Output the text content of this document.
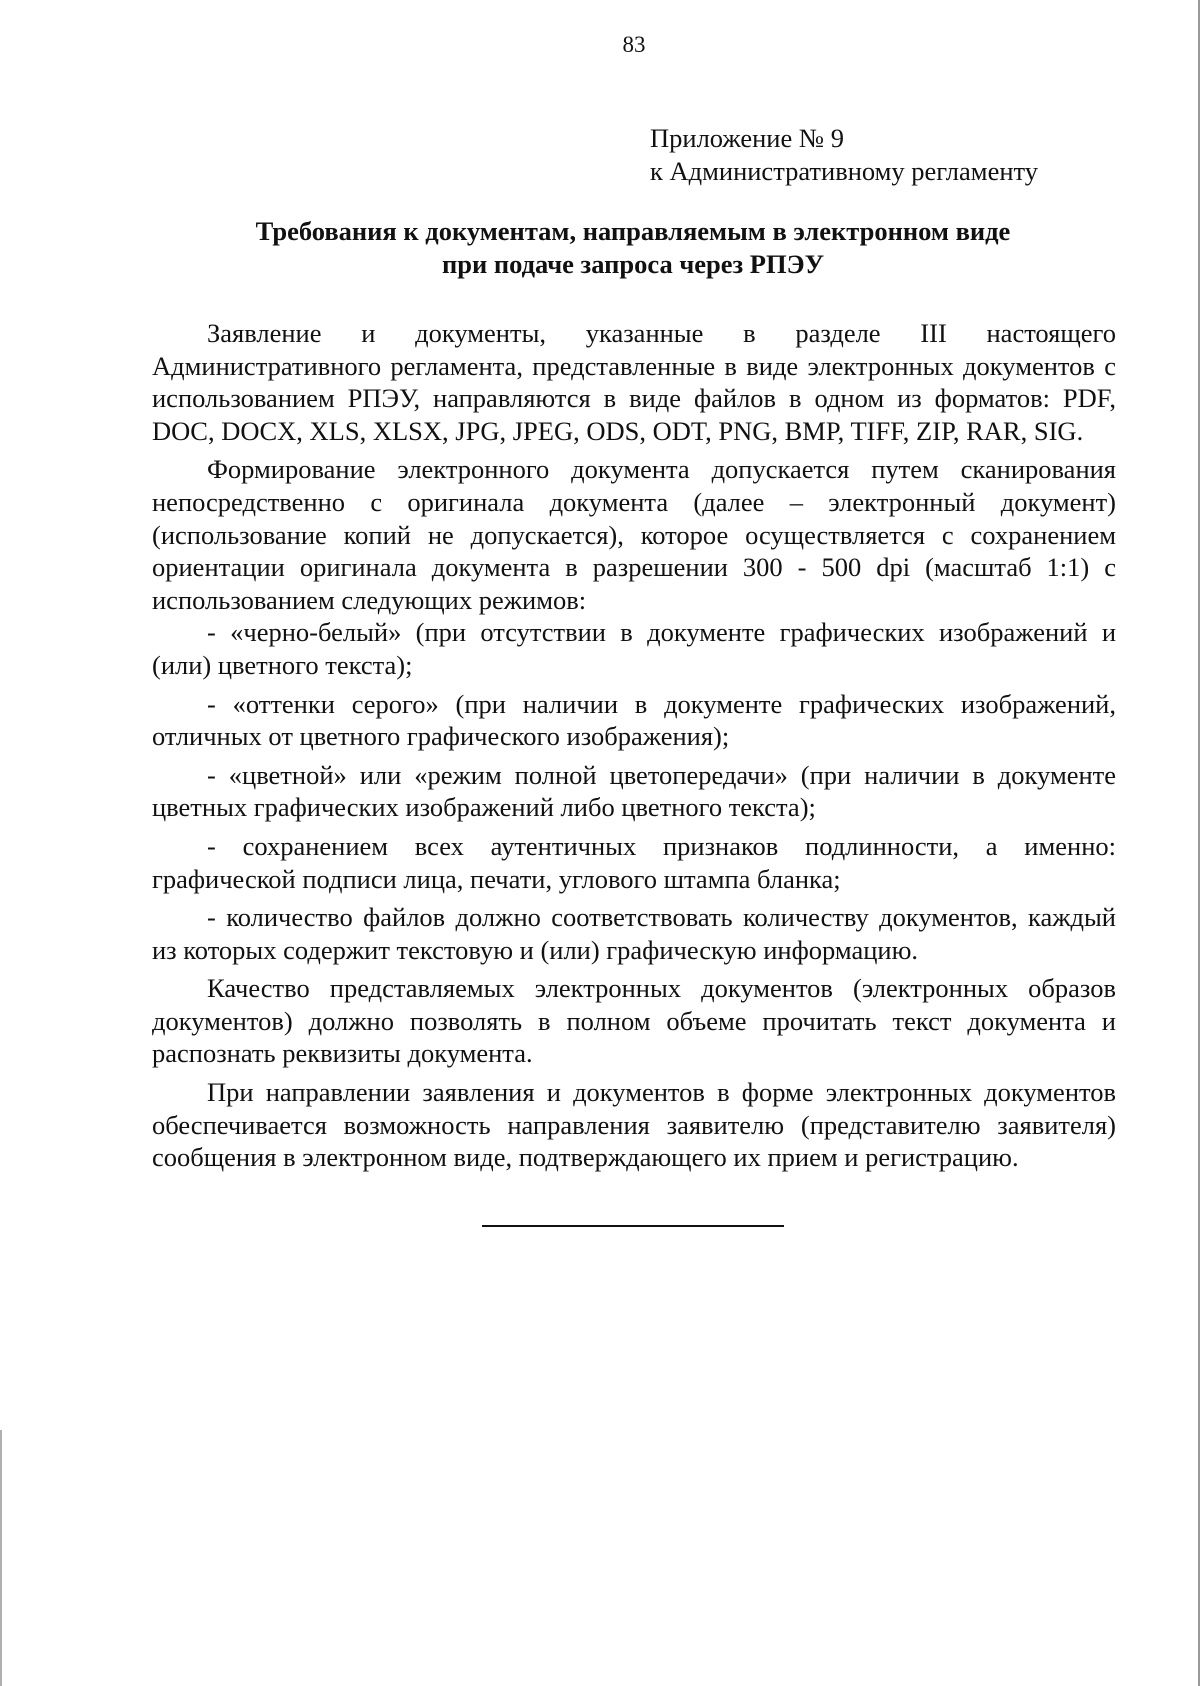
83
Приложение № 9
к Административному регламенту
Требования к документам, направляемым в электронном виде
при подаче запроса через РПЭУ

Заявление и документы, указанные в разделе III настоящего Административного регламента, представленные в виде электронных документов с использованием РПЭУ, направляются в виде файлов в одном из форматов: PDF, DOC, DOCX, XLS, XLSX, JPG, JPEG, ODS, ODT, PNG, BMP, TIFF, ZIP, RAR, SIG.

Формирование электронного документа допускается путем сканирования непосредственно с оригинала документа (далее – электронный документ) (использование копий не допускается), которое осуществляется с сохранением ориентации оригинала документа в разрешении 300 - 500 dpi (масштаб 1:1) с использованием следующих режимов:

- «черно-белый» (при отсутствии в документе графических изображений и (или) цветного текста);

- «оттенки серого» (при наличии в документе графических изображений, отличных от цветного графического изображения);

- «цветной» или «режим полной цветопередачи» (при наличии в документе цветных графических изображений либо цветного текста);

- сохранением всех аутентичных признаков подлинности, а именно: графической подписи лица, печати, углового штампа бланка;

- количество файлов должно соответствовать количеству документов, каждый из которых содержит текстовую и (или) графическую информацию.

Качество представляемых электронных документов (электронных образов документов) должно позволять в полном объеме прочитать текст документа и распознать реквизиты документа.

При направлении заявления и документов в форме электронных документов обеспечивается возможность направления заявителю (представителю заявителя) сообщения в электронном виде, подтверждающего их прием и регистрацию.
